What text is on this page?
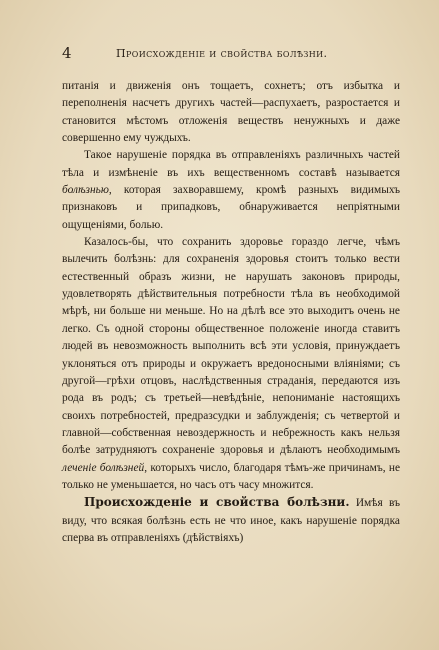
4	Происхожденіе и свойства болѣзни.

питанія и движенія онъ тощаетъ, сохнетъ; отъ избытка и переполненія насчетъ другихъ частей—распухаетъ, разростается и становится мѣстомъ отложенія веществъ ненужныхъ и даже совершенно ему чуждыхъ.

Такое нарушеніе порядка въ отправленіяхъ различныхъ частей тѣла и измѣненіе въ ихъ вещественномъ составѣ называется болѣзнью, которая захворавшему, кромѣ разныхъ видимыхъ признаковъ и припадковъ, обнаруживается непріятными ощущеніями, болью.

Казалось-бы, что сохранить здоровье гораздо легче, чѣмъ вылечить болѣзнь: для сохраненія здоровья стоитъ только вести естественный образъ жизни, не нарушать законовъ природы, удовлетворять дѣйствительныя потребности тѣла въ необходимой мѣрѣ, ни больше ни меньше. Но на дѣлѣ все это выходитъ очень не легко. Съ одной стороны общественное положеніе иногда ставитъ людей въ невозможность выполнить всѣ эти условія, принуждаетъ уклоняться отъ природы и окружаетъ вредоносными вліяніями; съ другой—грѣхи отцовъ, наслѣдственныя страданія, передаются изъ рода въ родъ; съ третьей—невѣдѣніе, непониманіе настоящихъ своихъ потребностей, предразсудки и заблужденія; съ четвертой и главной—собственная невоздержность и небрежность какъ нельзя болѣе затрудняютъ сохраненіе здоровья и дѣлаютъ необходимымъ леченіе болѣзней, которыхъ число, благодаря тѣмъ-же причинамъ, не только не уменьшается, но часъ отъ часу множится.

Происхожденіе и свойства болѣзни. Имѣя въ виду, что всякая болѣзнь есть не что иное, какъ нарушеніе порядка сперва въ отправленіяхъ (дѣйствіяхъ)
